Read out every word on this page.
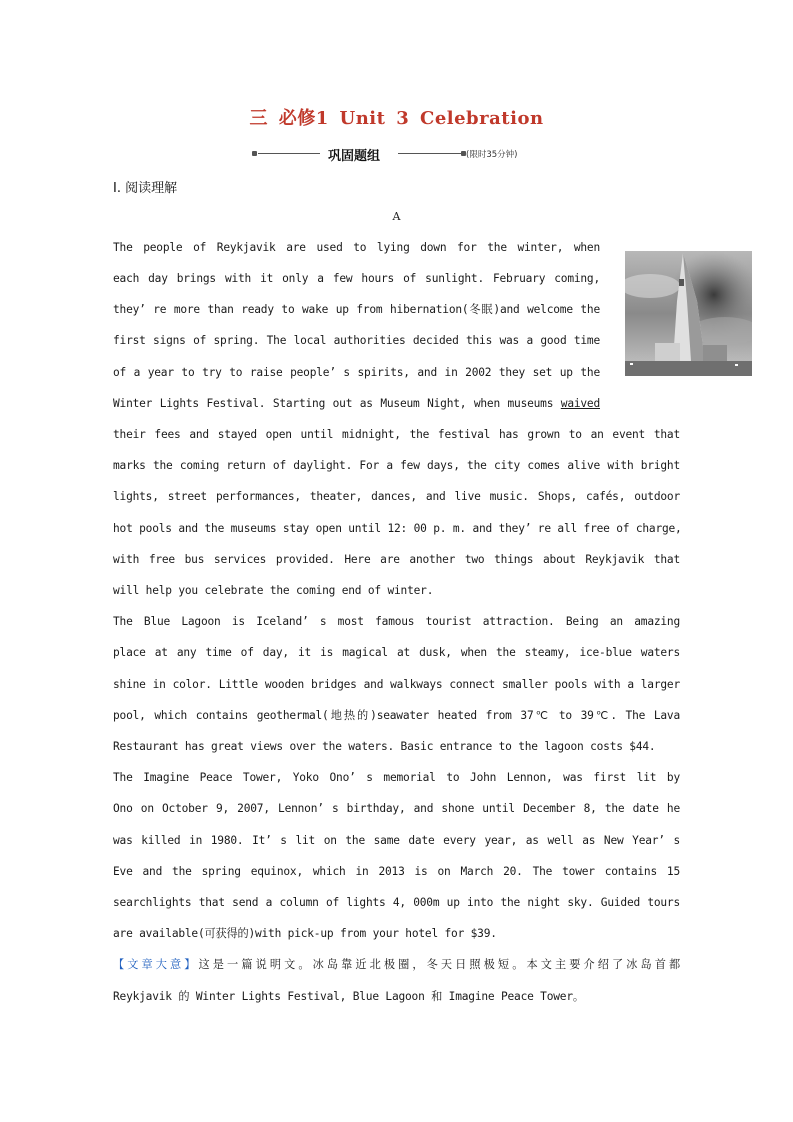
三 必修1 Unit 3 Celebration
巩固题组	(限时35分钟)
Ⅰ. 阅读理解
A
The people of Reykjavik are used to lying down for the winter, when
each day brings with it only a few hours of sunlight. February coming,
they’ re more than ready to wake up from hibernation(冬眠)and welcome the
first signs of spring. The local authorities decided this was a good time
of a year to try to raise people’ s spirits, and in 2002 they set up the
Winter Lights Festival. Starting out as Museum Night, when museums waived
their fees and stayed open until midnight, the festival has grown to an event that
marks the coming return of daylight. For a few days, the city comes alive with bright
lights, street performances, theater, dances, and live music. Shops, cafés, outdoor
hot pools and the museums stay open until 12: 00 p. m. and they’ re all free of charge,
with free bus services provided. Here are another two things about Reykjavik that
will help you celebrate the coming end of winter.
The Blue Lagoon is Iceland’ s most famous tourist attraction. Being an amazing
place at any time of day, it is magical at dusk, when the steamy, ice-blue waters
shine in color. Little wooden bridges and walkways connect smaller pools with a larger
pool, which contains geothermal(地热的)seawater heated from 37℃ to 39℃. The Lava
Restaurant has great views over the waters. Basic entrance to the lagoon costs $44.
The Imagine Peace Tower, Yoko Ono’ s memorial to John Lennon, was first lit by
Ono on October 9, 2007, Lennon’ s birthday, and shone until December 8, the date he
was killed in 1980. It’ s lit on the same date every year, as well as New Year’ s
Eve and the spring equinox, which in 2013 is on March 20. The tower contains 15
searchlights that send a column of lights 4, 000m up into the night sky. Guided tours
are available(可获得的)with pick-up from your hotel for $39.
【文章大意】这是一篇说明文。冰岛靠近北极圈，冬天日照极短。本文主要介绍了冰岛首都
Reykjavik 的 Winter Lights Festival, Blue Lagoon 和 Imagine Peace Tower。
